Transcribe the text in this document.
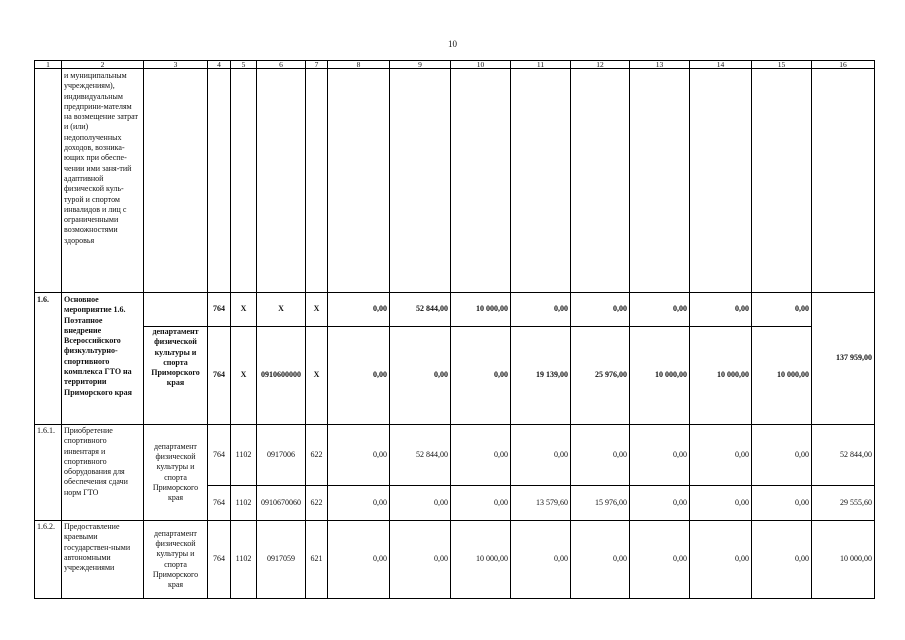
10
1	2	3	4	5	6	7	8	9	10	11	12	13	14	15	16
	и муниципальным учреждениям), индивидуальным предприни-мателям на возмещение затрат и (или) недополученных доходов, возника-ющих при обеспе-чении ими заня-тий адаптивной физической куль-турой и спортом инвалидов и лиц с ограниченными возможностями здоровья														
1.6.	Основное мероприятие 1.6. Поэтапное внедрение Всероссийского физкультурно-спортивного комплекса ГТО на территории Приморского края		764	Х	Х	Х	0,00	52 844,00	10 000,00	0,00	0,00	0,00	0,00	0,00	137 959,00
		департамент физической культуры и спорта Приморского края	764	Х	0910600000	Х	0,00	0,00	0,00	19 139,00	25 976,00	10 000,00	10 000,00	10 000,00	
1.6.1.	Приобретение спортивного инвентаря и спортивного оборудования для обеспечения сдачи норм ГТО	департамент физической культуры и спорта Приморского края	764	1102	0917006	622	0,00	52 844,00	0,00	0,00	0,00	0,00	0,00	0,00	52 844,00
			764	1102	0910670060	622	0,00	0,00	0,00	13 579,60	15 976,00	0,00	0,00	0,00	29 555,60
1.6.2.	Предоставление краевыми государствен-ными автономными учреждениями	департамент физической культуры и спорта Приморского края	764	1102	0917059	621	0,00	0,00	10 000,00	0,00	0,00	0,00	0,00	0,00	10 000,00
